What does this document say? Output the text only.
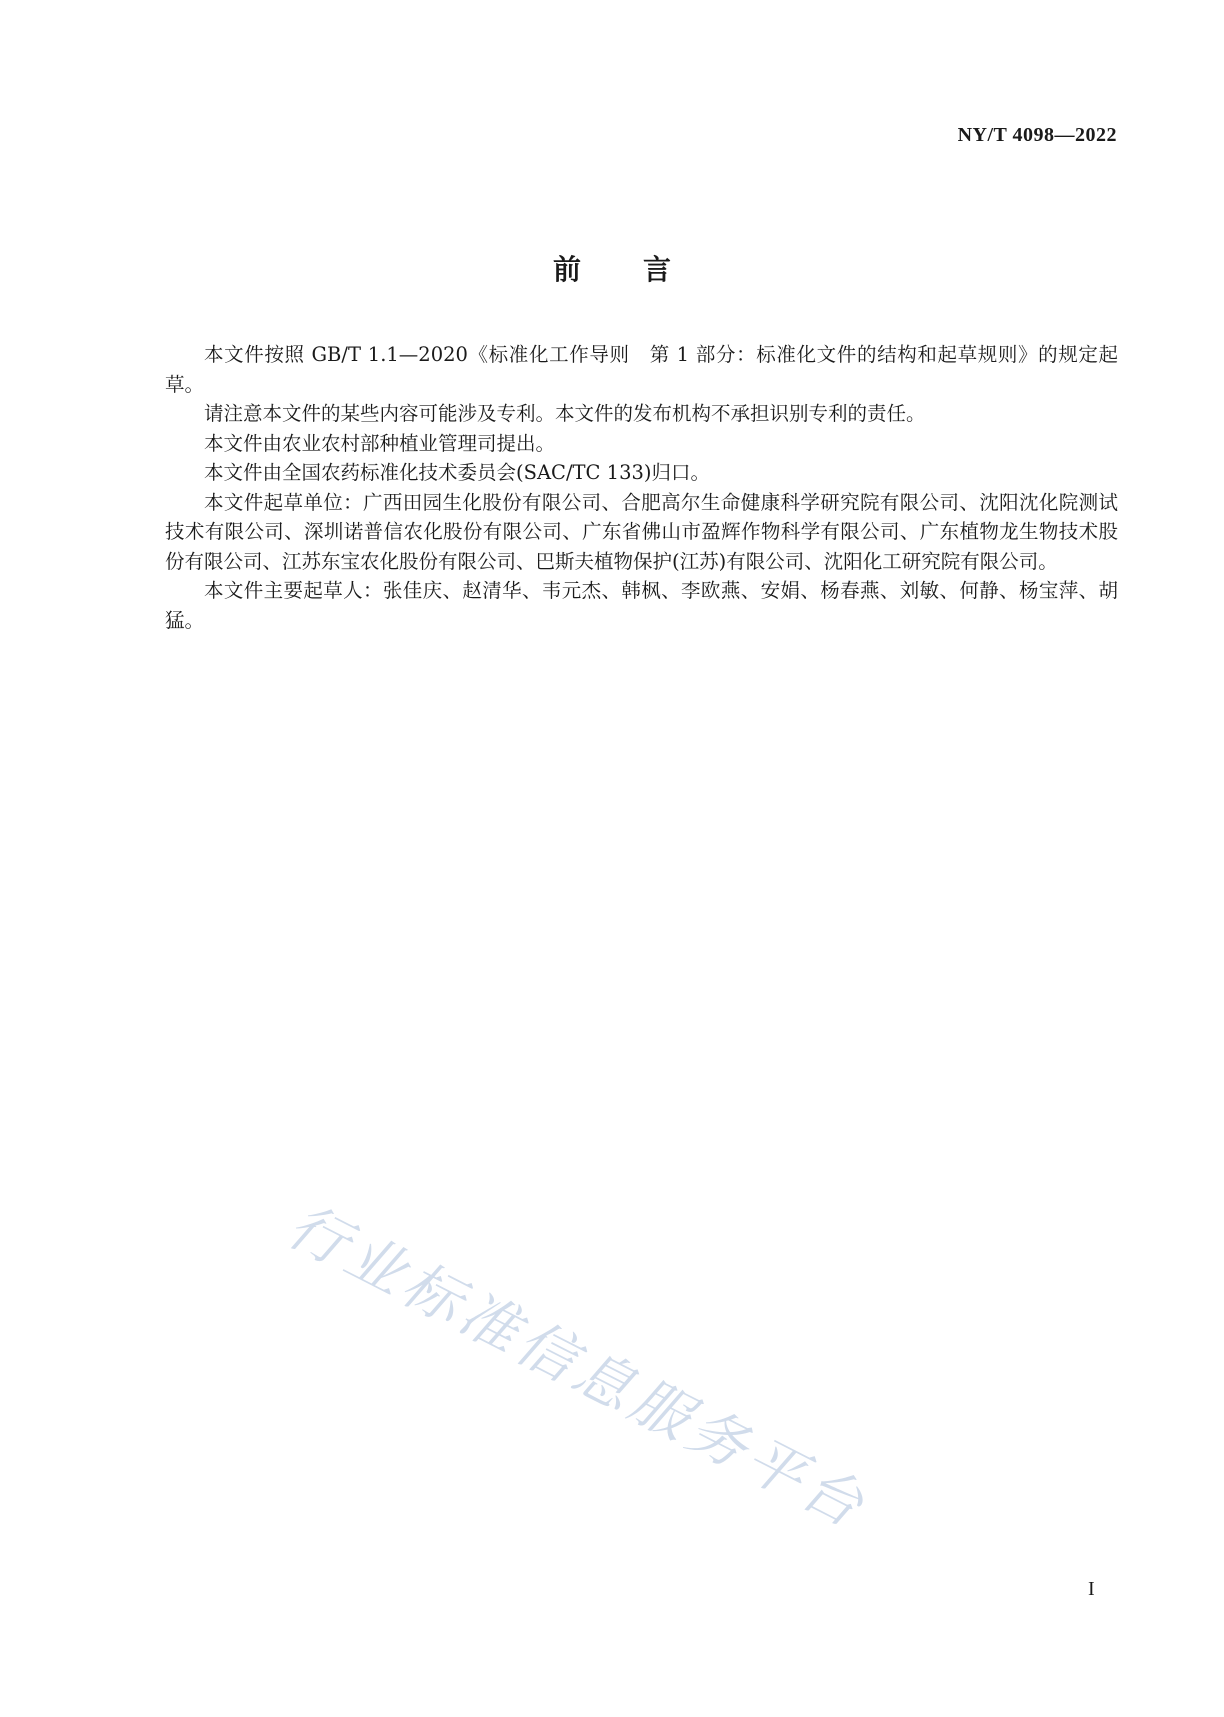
NY/T 4098—2022
前言

本文件按照 GB/T 1.1—2020《标准化工作导则　第 1 部分：标准化文件的结构和起草规则》的规定起草。

请注意本文件的某些内容可能涉及专利。本文件的发布机构不承担识别专利的责任。

本文件由农业农村部种植业管理司提出。

本文件由全国农药标准化技术委员会(SAC/TC 133)归口。

本文件起草单位：广西田园生化股份有限公司、合肥高尔生命健康科学研究院有限公司、沈阳沈化院测试技术有限公司、深圳诺普信农化股份有限公司、广东省佛山市盈辉作物科学有限公司、广东植物龙生物技术股份有限公司、江苏东宝农化股份有限公司、巴斯夫植物保护(江苏)有限公司、沈阳化工研究院有限公司。

本文件主要起草人：张佳庆、赵清华、韦元杰、韩枫、李欧燕、安娟、杨春燕、刘敏、何静、杨宝萍、胡猛。

行业标准信息服务平台
I
